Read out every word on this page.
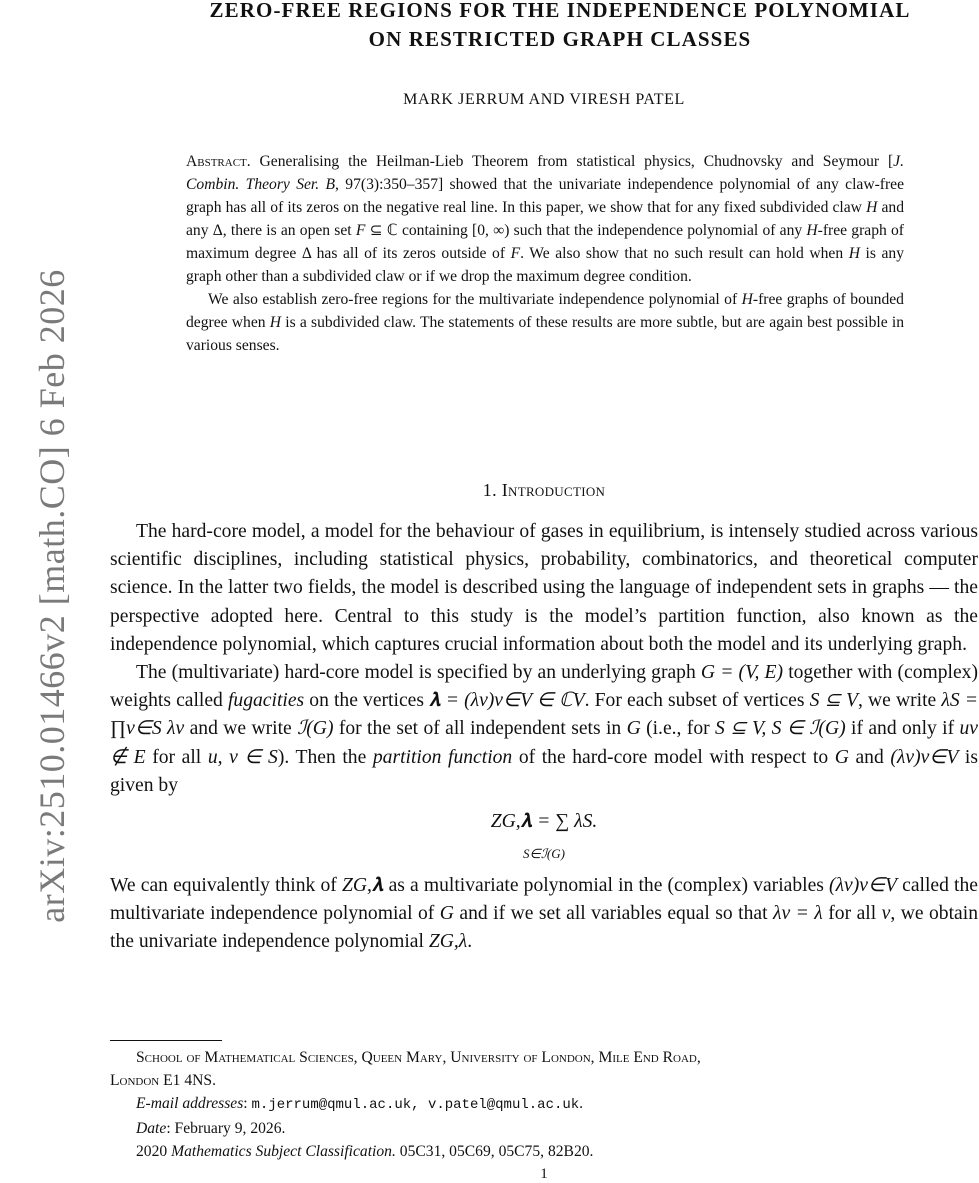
arXiv:2510.01466v2 [math.CO] 6 Feb 2026
ZERO-FREE REGIONS FOR THE INDEPENDENCE POLYNOMIAL
ON RESTRICTED GRAPH CLASSES
MARK JERRUM AND VIRESH PATEL

Abstract. Generalising the Heilman-Lieb Theorem from statistical physics, Chudnovsky and Seymour [J. Combin. Theory Ser. B, 97(3):350–357] showed that the univariate independence polynomial of any claw-free graph has all of its zeros on the negative real line. In this paper, we show that for any fixed subdivided claw H and any Δ, there is an open set F ⊆ ℂ containing [0, ∞) such that the independence polynomial of any H-free graph of maximum degree Δ has all of its zeros outside of F. We also show that no such result can hold when H is any graph other than a subdivided claw or if we drop the maximum degree condition.

We also establish zero-free regions for the multivariate independence polynomial of H-free graphs of bounded degree when H is a subdivided claw. The statements of these results are more subtle, but are again best possible in various senses.

1. Introduction

The hard-core model, a model for the behaviour of gases in equilibrium, is intensely studied across various scientific disciplines, including statistical physics, probability, combinatorics, and theoretical computer science. In the latter two fields, the model is described using the language of independent sets in graphs — the perspective adopted here. Central to this study is the model’s partition function, also known as the independence polynomial, which captures crucial information about both the model and its underlying graph.

The (multivariate) hard-core model is specified by an underlying graph G = (V, E) together with (complex) weights called fugacities on the vertices 𝛌 = (λv)v∈V ∈ ℂV. For each subset of vertices S ⊆ V, we write λS = ∏v∈S λv and we write ℐ(G) for the set of all independent sets in G (i.e., for S ⊆ V, S ∈ ℐ(G) if and only if uv ∉ E for all u, v ∈ S). Then the partition function of the hard-core model with respect to G and (λv)v∈V is given by

ZG,𝛌 = ∑ λS.
S∈ℐ(G)

We can equivalently think of ZG,𝛌 as a multivariate polynomial in the (complex) variables (λv)v∈V called the multivariate independence polynomial of G and if we set all variables equal so that λv = λ for all v, we obtain the univariate independence polynomial ZG,λ.

School of Mathematical Sciences, Queen Mary, University of London, Mile End Road,

London E1 4NS.

E-mail addresses: m.jerrum@qmul.ac.uk, v.patel@qmul.ac.uk.

Date: February 9, 2026.

2020 Mathematics Subject Classification. 05C31, 05C69, 05C75, 82B20.

1
